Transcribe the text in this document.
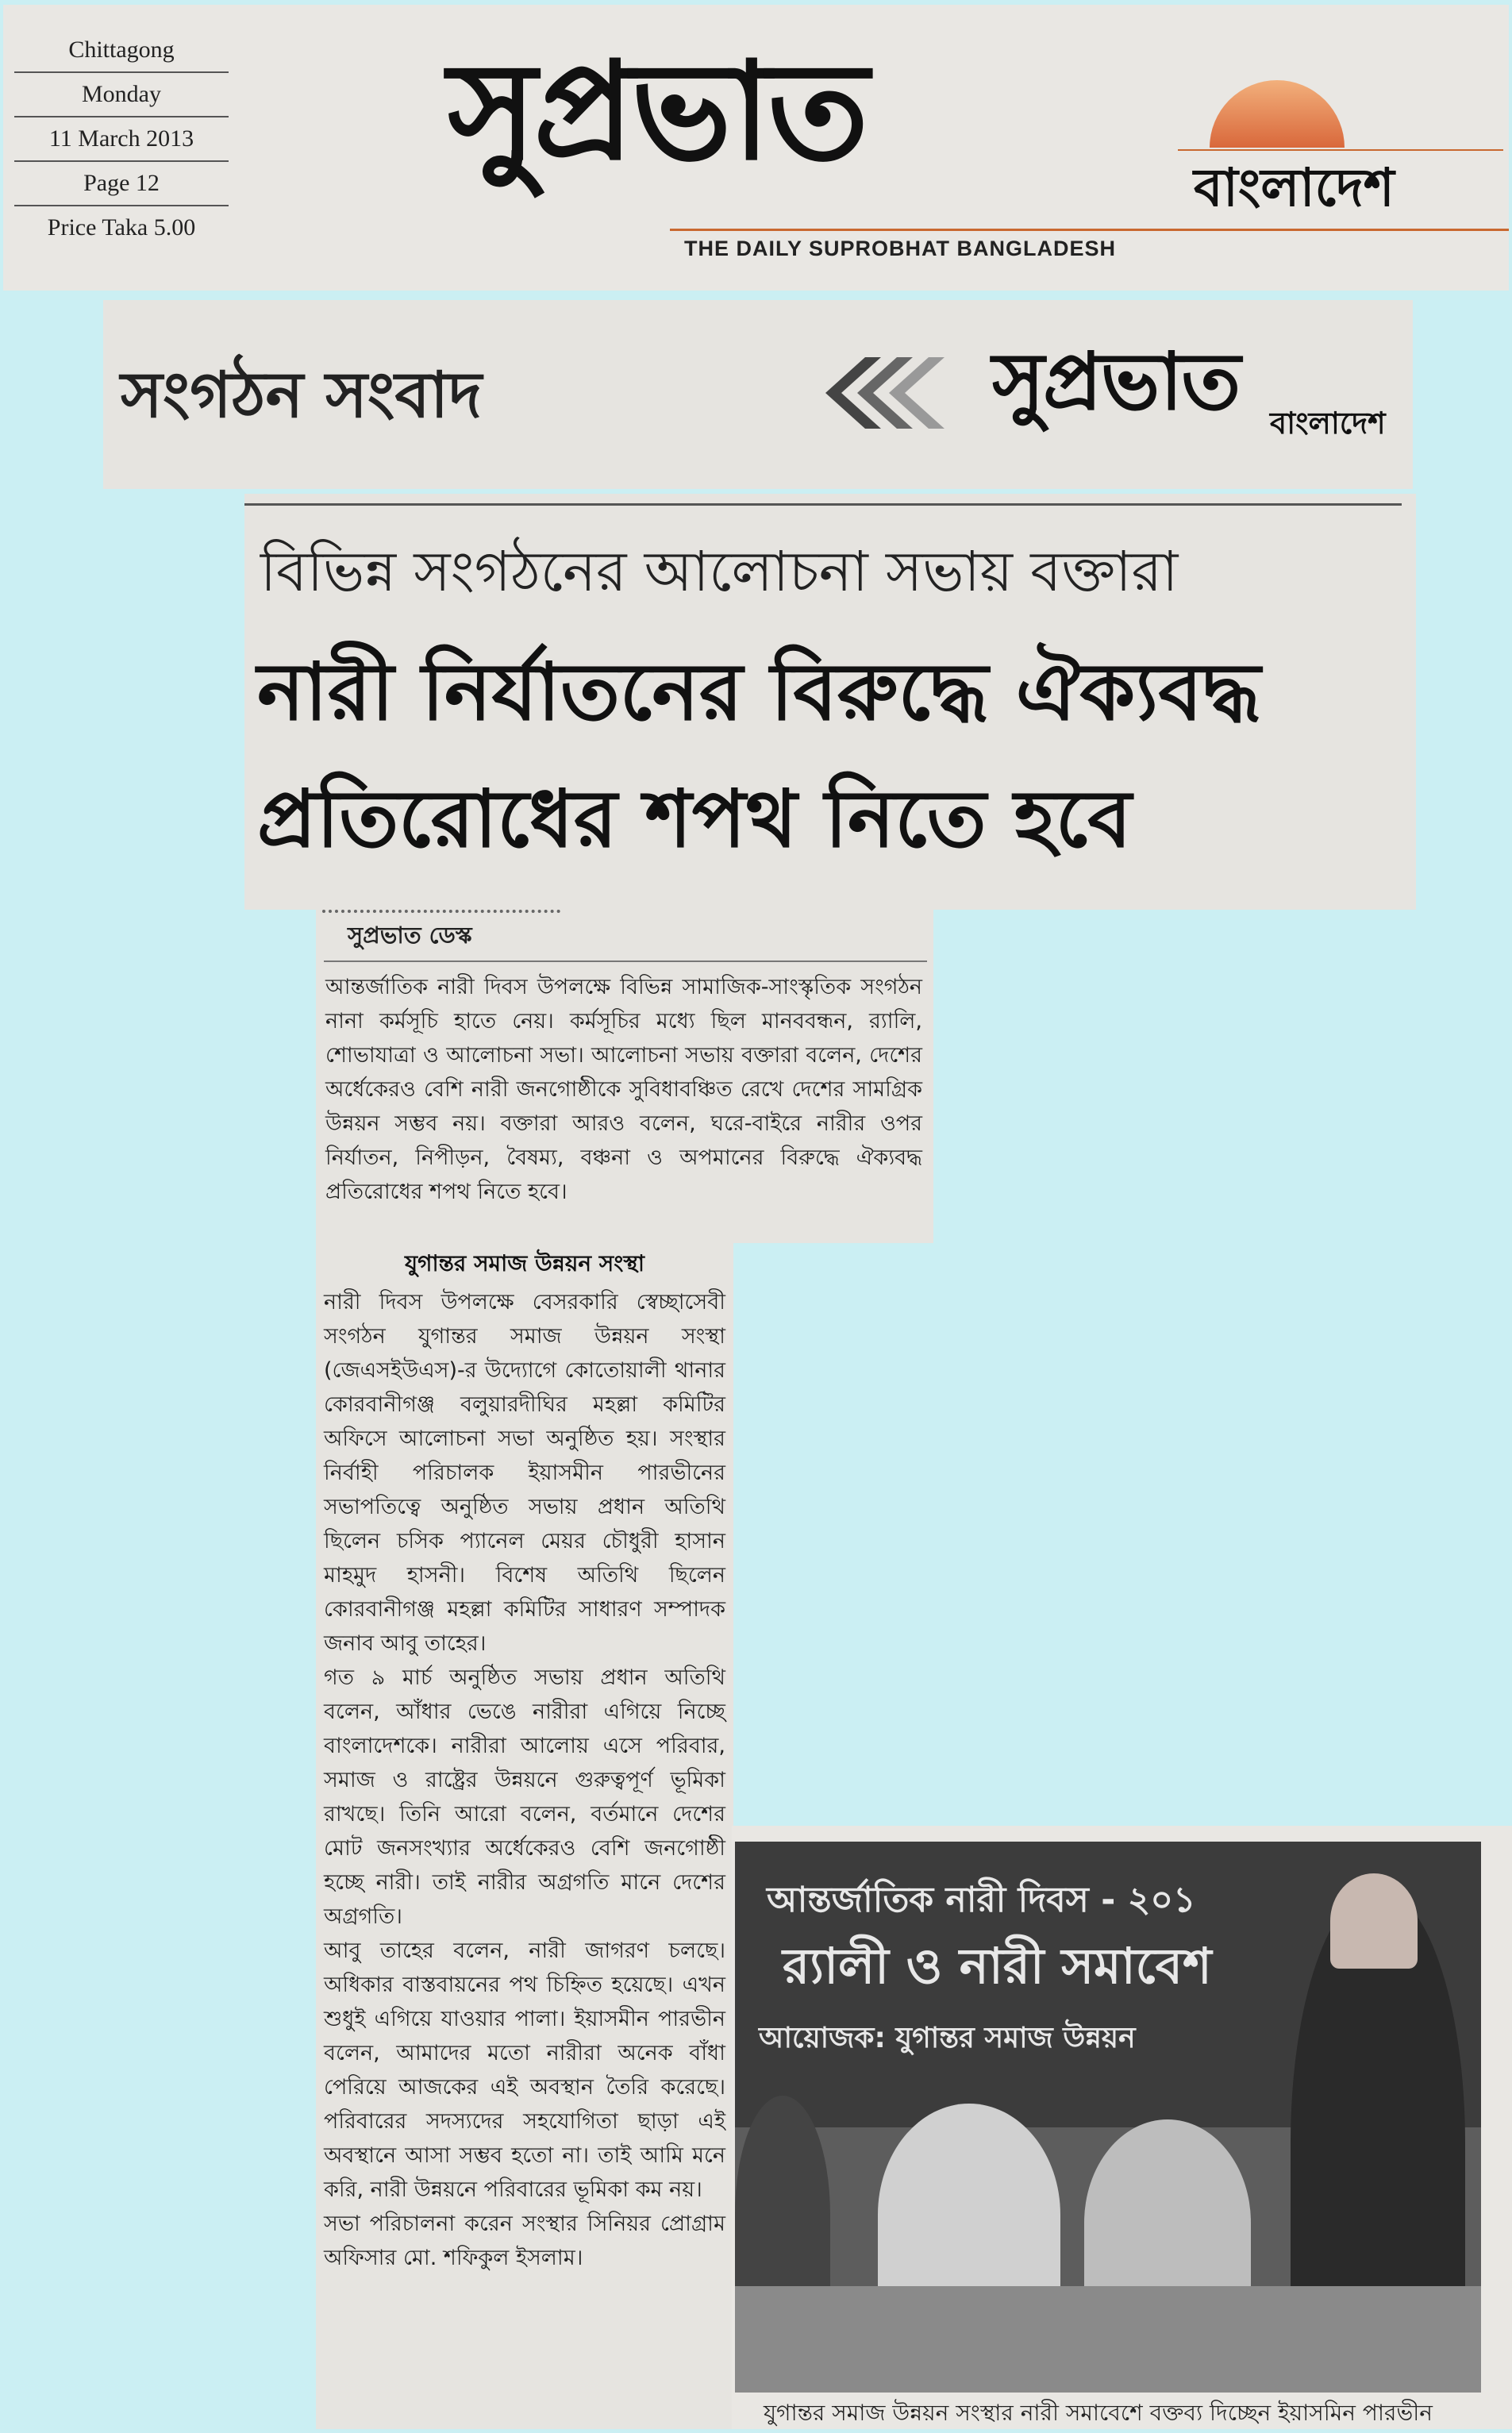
Chittagong
Monday
11 March 2013
Page 12
Price Taka 5.00
সুপ্রভাত	বাংলাদেশ
THE DAILY SUPROBHAT BANGLADESH
সংগঠন সংবাদ	সুপ্রভাত বাংলাদেশ
বিভিন্ন সংগঠনের আলোচনা সভায় বক্তারা
নারী নির্যাতনের বিরুদ্ধে ঐক্যবদ্ধ প্রতিরোধের শপথ নিতে হবে
সুপ্রভাত ডেস্ক
আন্তর্জাতিক নারী দিবস উপলক্ষে বিভিন্ন সামাজিক-সাংস্কৃতিক সংগঠন নানা কর্মসূচি হাতে নেয়। কর্মসূচির মধ্যে ছিল মানববন্ধন, র‌্যালি, শোভাযাত্রা ও আলোচনা সভা। আলোচনা সভায় বক্তারা বলেন, দেশের অর্ধেকেরও বেশি নারী জনগোষ্ঠীকে সুবিধাবঞ্চিত রেখে দেশের সামগ্রিক উন্নয়ন সম্ভব নয়। বক্তারা আরও বলেন, ঘরে-বাইরে নারীর ওপর নির্যাতন, নিপীড়ন, বৈষম্য, বঞ্চনা ও অপমানের বিরুদ্ধে ঐক্যবদ্ধ প্রতিরোধের শপথ নিতে হবে।
যুগান্তর সমাজ উন্নয়ন সংস্থা
নারী দিবস উপলক্ষে বেসরকারি স্বেচ্ছাসেবী সংগঠন যুগান্তর সমাজ উন্নয়ন সংস্থা (জেএসইউএস)-র উদ্যোগে কোতোয়ালী থানার কোরবানীগঞ্জ বলুয়ারদীঘির মহল্লা কমিটির অফিসে আলোচনা সভা অনুষ্ঠিত হয়। সংস্থার নির্বাহী পরিচালক ইয়াসমীন পারভীনের সভাপতিত্বে অনুষ্ঠিত সভায় প্রধান অতিথি ছিলেন চসিক প্যানেল মেয়র চৌধুরী হাসান মাহমুদ হাসনী। বিশেষ অতিথি ছিলেন কোরবানীগঞ্জ মহল্লা কমিটির সাধারণ সম্পাদক জনাব আবু তাহের।
গত ৯ মার্চ অনুষ্ঠিত সভায় প্রধান অতিথি বলেন, আঁধার ভেঙে নারীরা এগিয়ে নিচ্ছে বাংলাদেশকে। নারীরা আলোয় এসে পরিবার, সমাজ ও রাষ্ট্রের উন্নয়নে গুরুত্বপূর্ণ ভূমিকা রাখছে। তিনি আরো বলেন, বর্তমানে দেশের মোট জনসংখ্যার অর্ধেকেরও বেশি জনগোষ্ঠী হচ্ছে নারী। তাই নারীর অগ্রগতি মানে দেশের অগ্রগতি।
আবু তাহের বলেন, নারী জাগরণ চলছে। অধিকার বাস্তবায়নের পথ চিহ্নিত হয়েছে। এখন শুধুই এগিয়ে যাওয়ার পালা। ইয়াসমীন পারভীন বলেন, আমাদের মতো নারীরা অনেক বাঁধা পেরিয়ে আজকের এই অবস্থান তৈরি করেছে। পরিবারের সদস্যদের সহযোগিতা ছাড়া এই অবস্থানে আসা সম্ভব হতো না। তাই আমি মনে করি, নারী উন্নয়নে পরিবারের ভূমিকা কম নয়।
সভা পরিচালনা করেন সংস্থার সিনিয়র প্রোগ্রাম অফিসার মো. শফিকুল ইসলাম।
আন্তর্জাতিক নারী দিবস - ২০১
র‌্যালী ও নারী সমাবেশ
আয়োজক: যুগান্তর সমাজ উন্নয়ন
যুগান্তর সমাজ উন্নয়ন সংস্থার নারী সমাবেশে বক্তব্য দিচ্ছেন ইয়াসমিন পারভীন
